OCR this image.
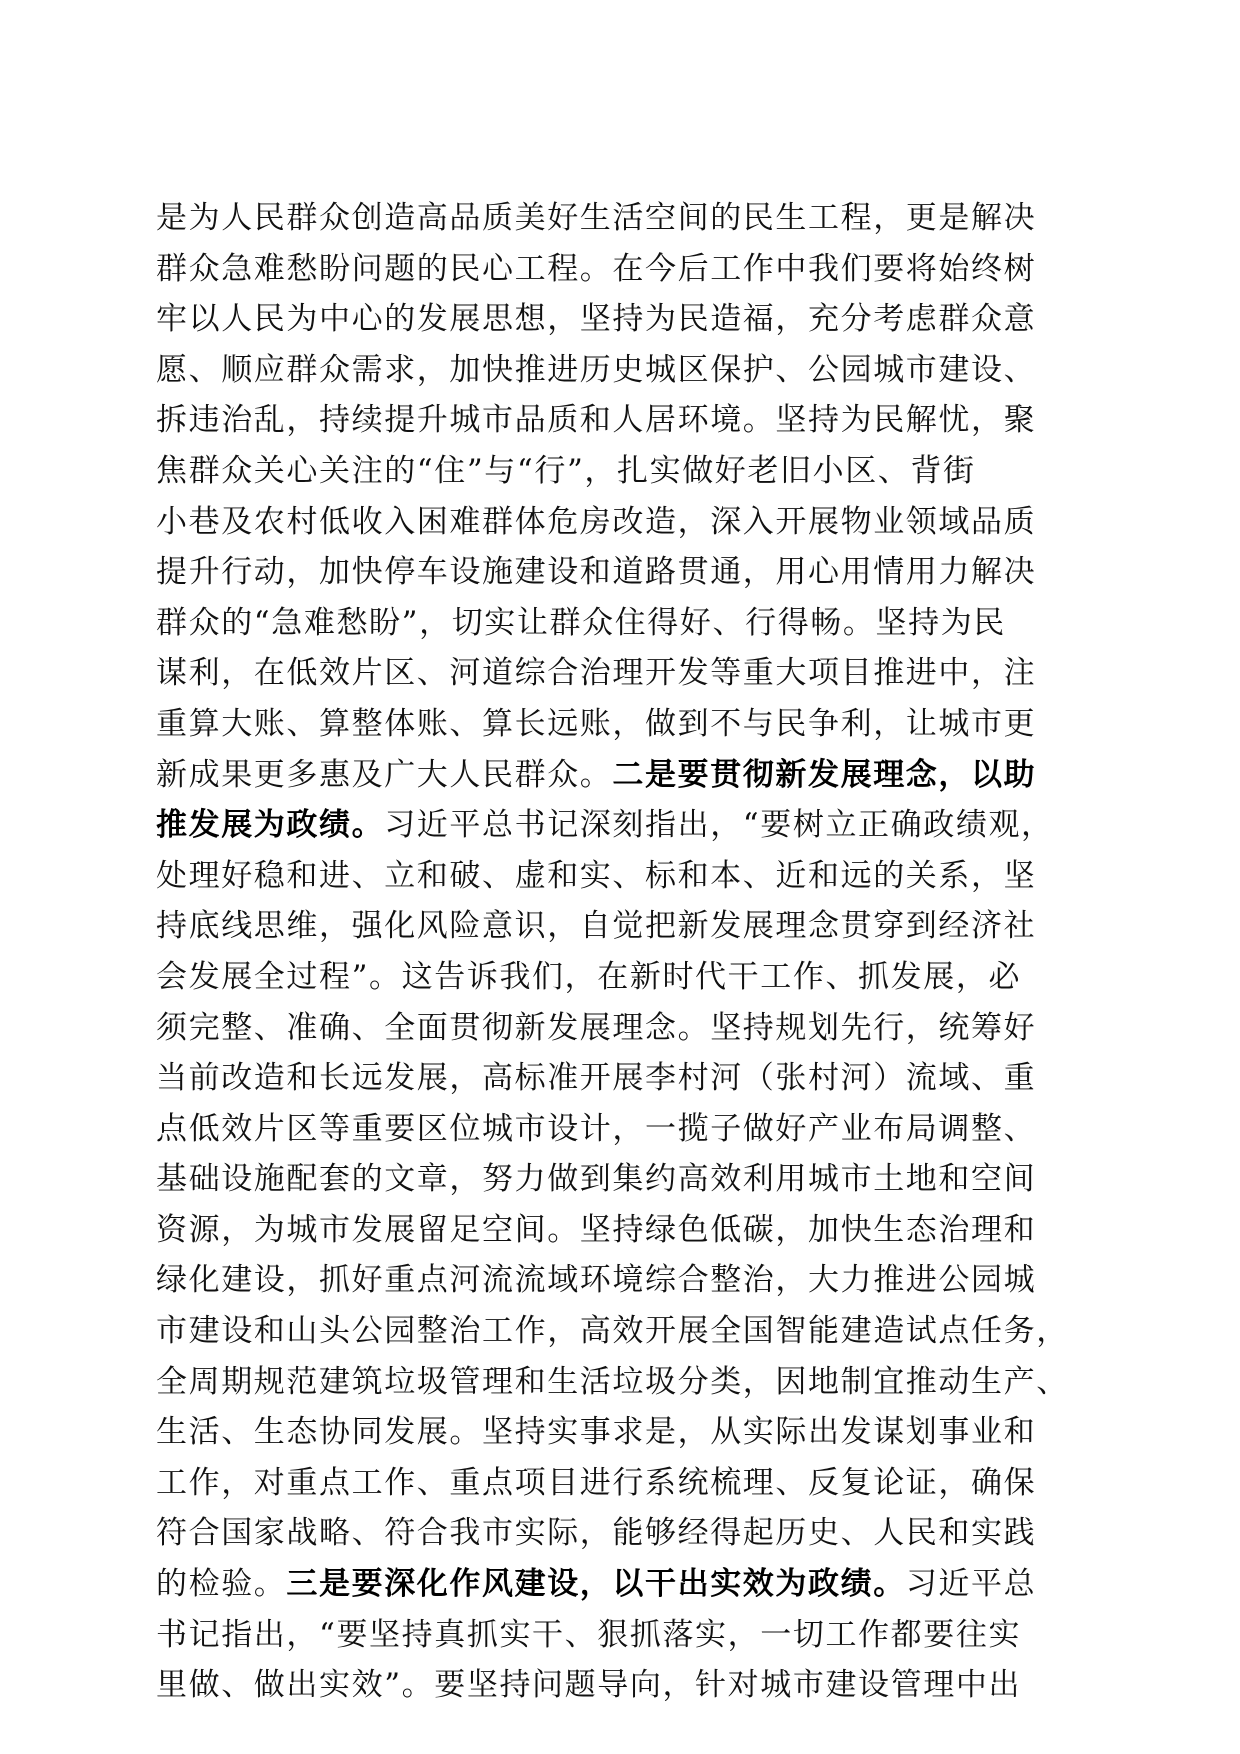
是为人民群众创造高品质美好生活空间的民生工程，更是解决
群众急难愁盼问题的民心工程。在今后工作中我们要将始终树
牢以人民为中心的发展思想，坚持为民造福，充分考虑群众意
愿、顺应群众需求，加快推进历史城区保护、公园城市建设、
拆违治乱，持续提升城市品质和人居环境。坚持为民解忧，聚
焦群众关心关注的“住”与“行”，扎实做好老旧小区、背街
小巷及农村低收入困难群体危房改造，深入开展物业领域品质
提升行动，加快停车设施建设和道路贯通，用心用情用力解决
群众的“急难愁盼”，切实让群众住得好、行得畅。坚持为民
谋利，在低效片区、河道综合治理开发等重大项目推进中，注
重算大账、算整体账、算长远账，做到不与民争利，让城市更
新成果更多惠及广大人民群众。二是要贯彻新发展理念，以助
推发展为政绩。习近平总书记深刻指出，“要树立正确政绩观，
处理好稳和进、立和破、虚和实、标和本、近和远的关系，坚
持底线思维，强化风险意识，自觉把新发展理念贯穿到经济社
会发展全过程”。这告诉我们，在新时代干工作、抓发展，必
须完整、准确、全面贯彻新发展理念。坚持规划先行，统筹好
当前改造和长远发展，高标准开展李村河（张村河）流域、重
点低效片区等重要区位城市设计，一揽子做好产业布局调整、
基础设施配套的文章，努力做到集约高效利用城市土地和空间
资源，为城市发展留足空间。坚持绿色低碳，加快生态治理和
绿化建设，抓好重点河流流域环境综合整治，大力推进公园城
市建设和山头公园整治工作，高效开展全国智能建造试点任务，
全周期规范建筑垃圾管理和生活垃圾分类，因地制宜推动生产、
生活、生态协同发展。坚持实事求是，从实际出发谋划事业和
工作，对重点工作、重点项目进行系统梳理、反复论证，确保
符合国家战略、符合我市实际，能够经得起历史、人民和实践
的检验。三是要深化作风建设，以干出实效为政绩。习近平总
书记指出，“要坚持真抓实干、狠抓落实，一切工作都要往实
里做、做出实效”。要坚持问题导向，针对城市建设管理中出
